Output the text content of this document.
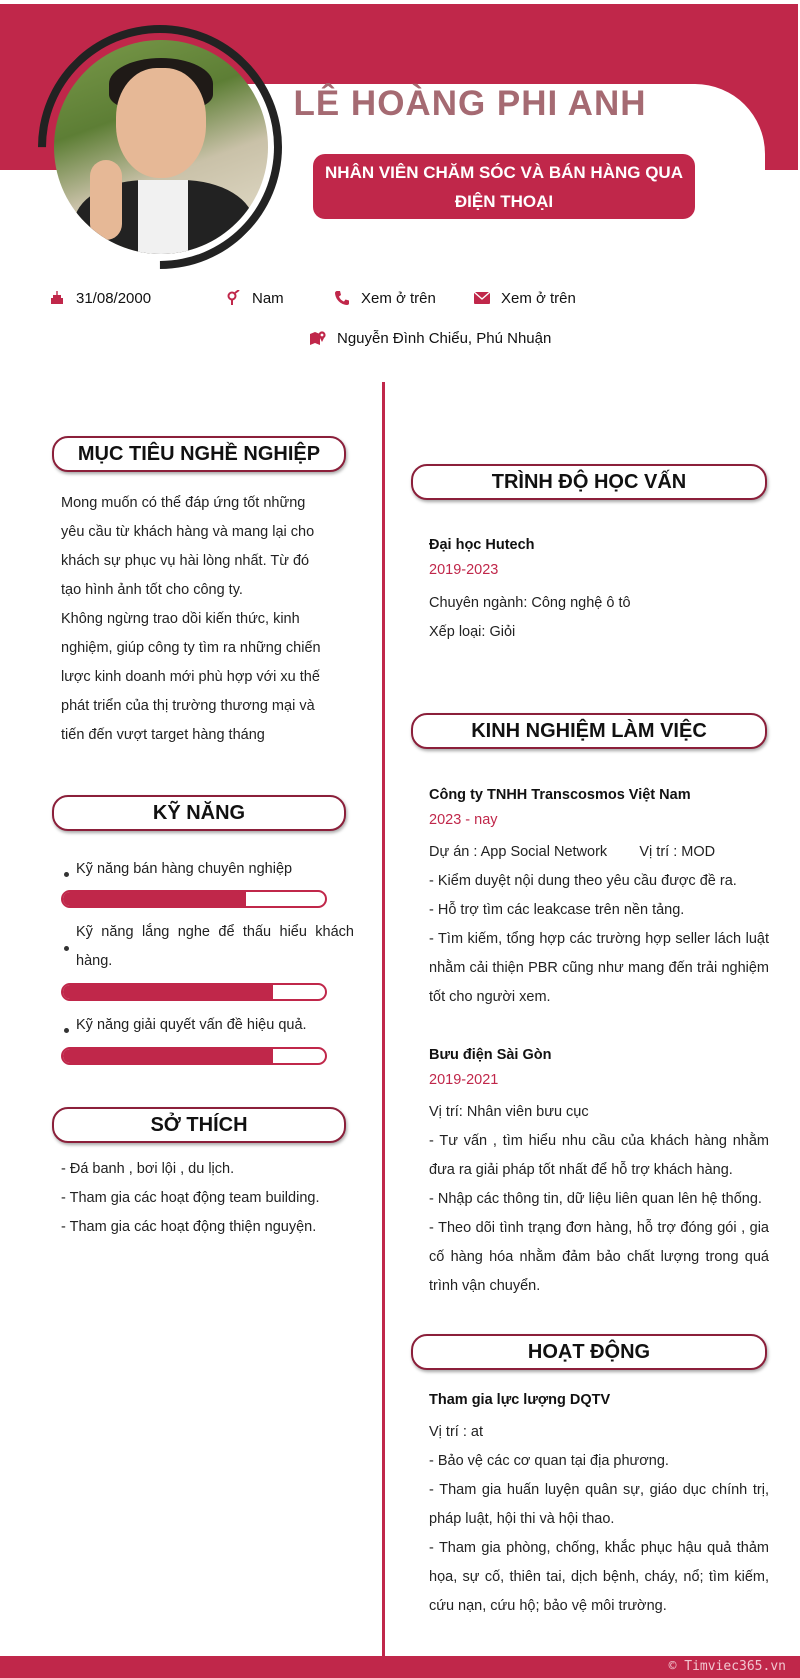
LÊ HOÀNG PHI ANH
NHÂN VIÊN CHĂM SÓC VÀ BÁN HÀNG QUA ĐIỆN THOẠI
31/08/2000	Nam	Xem ở trên	Xem ở trên
Nguyễn Đình Chiểu, Phú Nhuận
MỤC TIÊU NGHỀ NGHIỆP
Mong muốn có thể đáp ứng tốt những
yêu cầu từ khách hàng và mang lại cho
khách sự phục vụ hài lòng nhất. Từ đó
tạo hình ảnh tốt cho công ty.
Không ngừng trao dồi kiến thức, kinh
nghiệm, giúp công ty tìm ra những chiến
lược kinh doanh mới phù hợp với xu thế
phát triển của thị trường thương mại và
tiến đến vượt target hàng tháng
KỸ NĂNG
Kỹ năng bán hàng chuyên nghiệp
Kỹ năng lắng nghe để thấu hiểu khách hàng.
Kỹ năng giải quyết vấn đề hiệu quả.
SỞ THÍCH
- Đá banh , bơi lội , du lịch.
- Tham gia các hoạt động team building.
- Tham gia các hoạt động thiện nguyện.
TRÌNH ĐỘ HỌC VẤN
Đại học Hutech
2019-2023
Chuyên ngành: Công nghệ ô tô
Xếp loại: Giỏi
KINH NGHIỆM LÀM VIỆC
Công ty TNHH Transcosmos Việt Nam
2023 - nay
Dự án : App Social Network        Vị trí : MOD
- Kiểm duyệt nội dung theo yêu cầu được đề ra.
- Hỗ trợ tìm các leakcase trên nền tảng.
- Tìm kiếm, tổng hợp các trường hợp seller lách luật nhằm cải thiện PBR cũng như mang đến trải nghiệm tốt cho người xem.
Bưu điện Sài Gòn
2019-2021
Vị trí: Nhân viên bưu cục
- Tư vấn , tìm hiểu nhu cầu của khách hàng nhằm đưa ra giải pháp tốt nhất để hỗ trợ khách hàng.
- Nhập các thông tin, dữ liệu liên quan lên hệ thống.
- Theo dõi tình trạng đơn hàng, hỗ trợ đóng gói , gia cố hàng hóa nhằm đảm bảo chất lượng trong quá trình vận chuyển.
HOẠT ĐỘNG
Tham gia lực lượng DQTV
Vị trí : at
- Bảo vệ các cơ quan tại địa phương.
- Tham gia huấn luyện quân sự, giáo dục chính trị, pháp luật, hội thi và hội thao.
- Tham gia phòng, chống, khắc phục hậu quả thảm họa, sự cố, thiên tai, dịch bệnh, cháy, nổ; tìm kiếm, cứu nạn, cứu hộ; bảo vệ môi trường.
© Timviec365.vn
